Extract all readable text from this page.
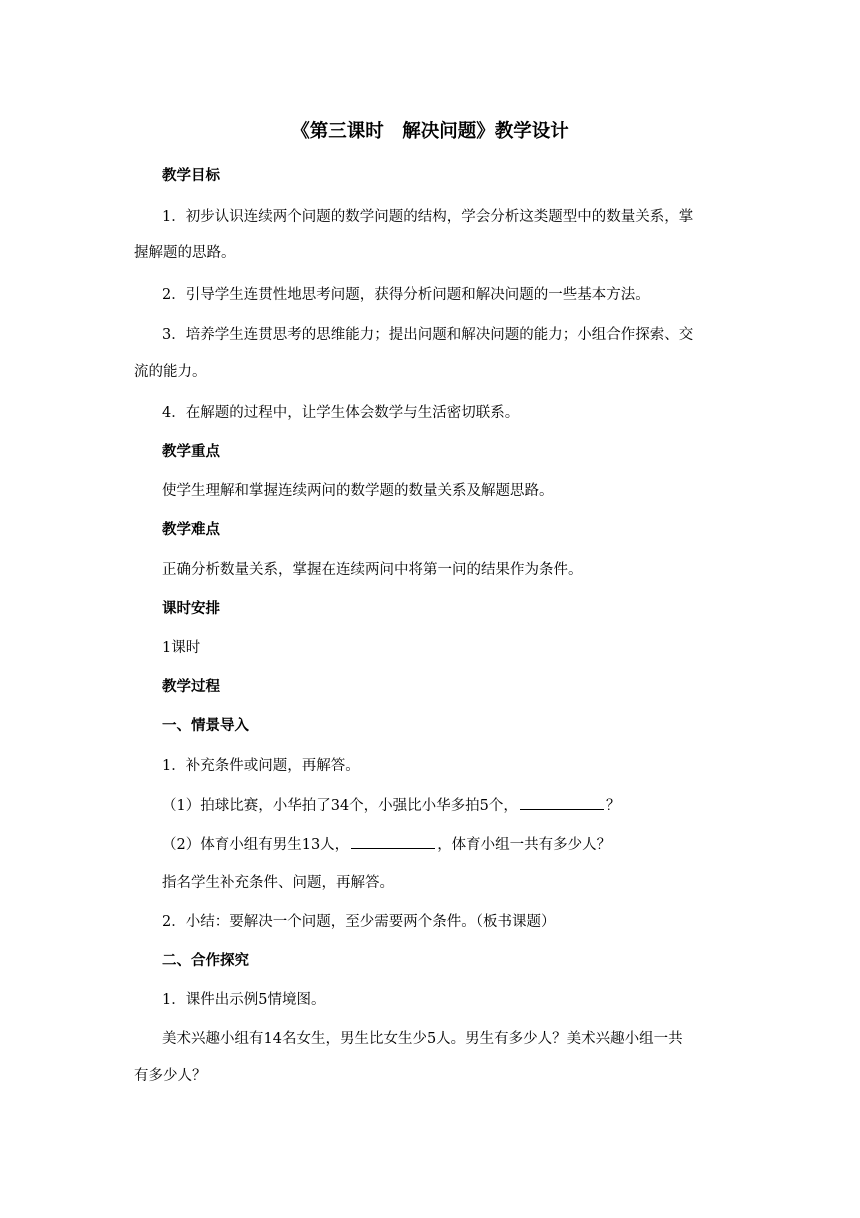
《第三课时　解决问题》教学设计
教学目标
1．初步认识连续两个问题的数学问题的结构，学会分析这类题型中的数量关系，掌
握解题的思路。
2．引导学生连贯性地思考问题，获得分析问题和解决问题的一些基本方法。
3．培养学生连贯思考的思维能力；提出问题和解决问题的能力；小组合作探索、交
流的能力。
4．在解题的过程中，让学生体会数学与生活密切联系。
教学重点
使学生理解和掌握连续两问的数学题的数量关系及解题思路。
教学难点
正确分析数量关系，掌握在连续两问中将第一问的结果作为条件。
课时安排
1课时
教学过程
一、情景导入
1．补充条件或问题，再解答。
（1）拍球比赛，小华拍了34个，小强比小华多拍5个，	？
（2）体育小组有男生13人，	，体育小组一共有多少人？
指名学生补充条件、问题，再解答。
2．小结：要解决一个问题，至少需要两个条件。（板书课题）
二、合作探究
1．课件出示例5情境图。
美术兴趣小组有14名女生，男生比女生少5人。男生有多少人？美术兴趣小组一共
有多少人？
